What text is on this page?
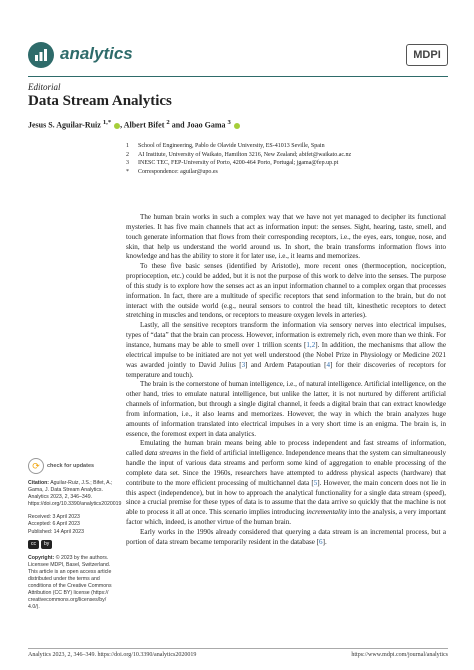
analytics	MDPI
Editorial
Data Stream Analytics
Jesus S. Aguilar-Ruiz $^{1,*}$ , Albert Bifet $^2$ and Joao Gama $^3$
1	School of Engineering, Pablo de Olavide University, ES-41013 Seville, Spain
2	AI Institute, University of Waikato, Hamilton 3216, New Zealand; abifet@waikato.ac.nz
3	INESC TEC, FEP-University of Porto, 4200-464 Porto, Portugal; jgama@fep.up.pt
*	Correspondence: aguilar@upo.es

The human brain works in such a complex way that we have not yet managed to decipher its functional mysteries. It has five main channels that act as information input: the senses. Sight, hearing, taste, smell, and touch generate information that flows from their corresponding receptors, i.e., the eyes, ears, tongue, nose, and skin, that help us understand the world around us. In short, the brain transforms information flows into knowledge and has the ability to store it for later use, i.e., it learns and memorizes.

To these five basic senses (identified by Aristotle), more recent ones (thermoception, nociception, proprioception, etc.) could be added, but it is not the purpose of this work to delve into the senses. The purpose of this study is to explore how the senses act as an input information channel to a complex organ that processes information. In fact, there are a multitude of specific receptors that send information to the brain, but do not interact with the outside world (e.g., neural sensors to control the head tilt, kinesthetic receptors to detect stretching in muscles and tendons, or receptors to measure oxygen levels in arteries).

Lastly, all the sensitive receptors transform the information via sensory nerves into electrical impulses, types of “data” that the brain can process. However, information is extremely rich, even more than we think. For instance, humans may be able to smell over 1 trillion scents [1,2]. In addition, the mechanisms that allow the electrical impulse to be initiated are not yet well understood (the Nobel Prize in Physiology or Medicine 2021 was awarded jointly to David Julius [3] and Ardem Patapoutian [4] for their discoveries of receptors for temperature and touch).

The brain is the cornerstone of human intelligence, i.e., of natural intelligence. Artificial intelligence, on the other hand, tries to emulate natural intelligence, but unlike the latter, it is not nurtured by different artificial channels of information, but through a single digital channel, it feeds a digital brain that can extract knowledge from information, i.e., it also learns and memorizes. However, the way in which the brain analyzes huge amounts of information translated into electrical impulses in a very short time is an enigma. The brain is, in essence, the foremost expert in data analytics.

Emulating the human brain means being able to process independent and fast streams of information, called data streams in the field of artificial intelligence. Independence means that the system can simultaneously handle the input of various data streams and perform some kind of aggregation to enable processing of the complete data set. Since the 1960s, researchers have attempted to address physical aspects (hardware) that contribute to the more efficient processing of multichannel data [5]. However, the main concern does not lie in this aspect (independence), but in how to approach the analytical functionality for a single data stream (speed), since a crucial premise for these types of data is to assume that the data arrive so quickly that the machine is not able to process it all at once. This scenario implies introducing incrementality into the analysis, a very important factor which, indeed, is another virtue of the human brain.

Early works in the 1990s already considered that querying a data stream is an incremental process, but a portion of data stream became temporarily resident in the database [6].

⟳	check for updates

Citation: Aguilar-Ruiz, J.S.; Bifet, A.; Gama, J. Data Stream Analytics. Analytics 2023, 2, 346–349. https://doi.org/10.3390/analytics2020019

Received: 3 April 2023
Accepted: 6 April 2023
Published: 14 April 2023

cc	by

Copyright: © 2023 by the authors. Licensee MDPI, Basel, Switzerland. This article is an open access article distributed under the terms and conditions of the Creative Commons Attribution (CC BY) license (https:// creativecommons.org/licenses/by/ 4.0/).

Analytics 2023, 2, 346–349. https://doi.org/10.3390/analytics2020019	https://www.mdpi.com/journal/analytics
